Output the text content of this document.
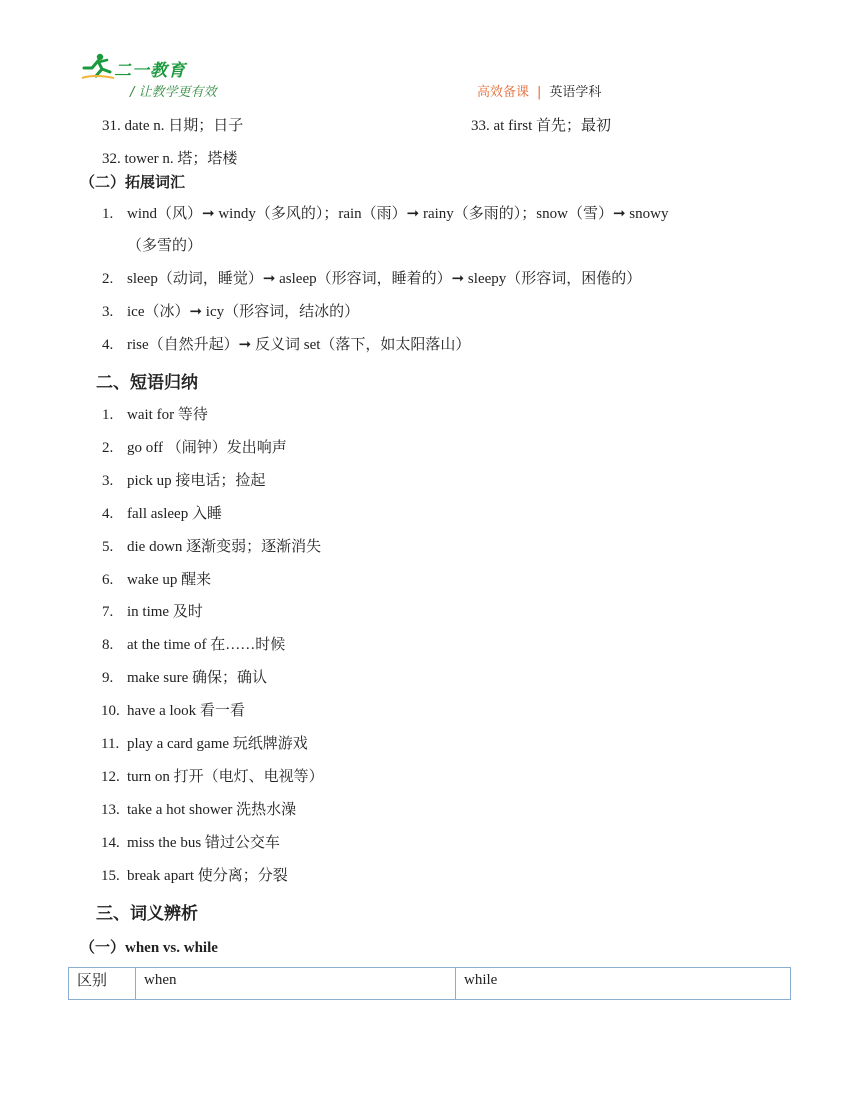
二一教育
/ 让教学更有效	高效备课 | 英语学科
31. date n. 日期；日子	33. at first 首先；最初
32. tower n. 塔；塔楼
（二）拓展词汇
1. wind（风）➞ windy（多风的）；rain（雨）➞ rainy（多雨的）；snow（雪）➞ snowy
（多雪的）
2. sleep（动词，睡觉）➞ asleep（形容词，睡着的）➞ sleepy（形容词，困倦的）
3. ice（冰）➞ icy（形容词，结冰的）
4. rise（自然升起）➞ 反义词 set（落下，如太阳落山）
二、短语归纳
1. wait for 等待
2. go off （闹钟）发出响声
3. pick up 接电话；捡起
4. fall asleep 入睡
5. die down 逐渐变弱；逐渐消失
6. wake up 醒来
7. in time 及时
8. at the time of 在……时候
9. make sure 确保；确认
10. have a look 看一看
11. play a card game 玩纸牌游戏
12. turn on 打开（电灯、电视等）
13. take a hot shower 洗热水澡
14. miss the bus 错过公交车
15. break apart 使分离；分裂
三、词义辨析
（一）when vs. while
区别	when	while
